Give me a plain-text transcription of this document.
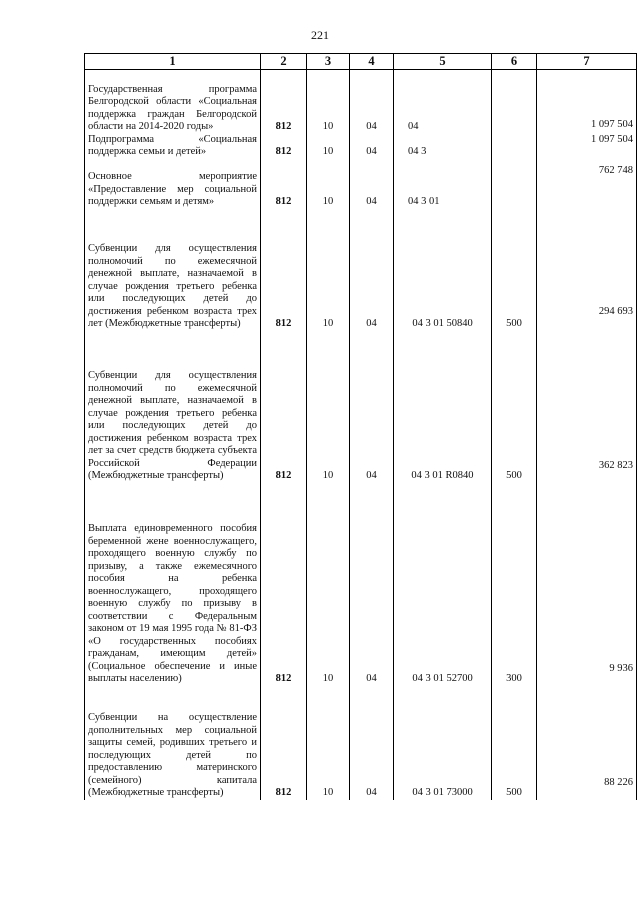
221
1	2	3	4	5	6	7
Государственная программа Белгородской области «Социальная поддержка граждан Белгородской области на 2014-2020 годы»	812	10	04	04		1 097 504
Подпрограмма «Социальная поддержка семьи и детей»	812	10	04	04 3		1 097 504
Основное мероприятие «Предоставление мер социальной поддержки семьям и детям»	812	10	04	04 3 01		762 748
Субвенции для осуществления полномочий по ежемесячной денежной выплате, назначаемой в случае рождения третьего ребенка или последующих детей до достижения ребенком возраста трех лет (Межбюджетные трансферты)	812	10	04	04 3 01 50840	500	294 693
Субвенции для осуществления полномочий по ежемесячной денежной выплате, назначаемой в случае рождения третьего ребенка или последующих детей до достижения ребенком возраста трех лет за счет средств бюджета субъекта Российской Федерации (Межбюджетные трансферты)	812	10	04	04 3 01 R0840	500	362 823
Выплата единовременного пособия беременной жене военнослужащего, проходящего военную службу по призыву, а также ежемесячного пособия на ребенка военнослужащего, проходящего военную службу по призыву в соответствии с Федеральным законом от 19 мая 1995 года № 81-ФЗ «О государственных пособиях гражданам, имеющим детей» (Социальное обеспечение и иные выплаты населению)	812	10	04	04 3 01 52700	300	9 936
Субвенции на осуществление дополнительных мер социальной защиты семей, родивших третьего и последующих детей по предоставлению материнского (семейного) капитала (Межбюджетные трансферты)	812	10	04	04 3 01 73000	500	88 226
